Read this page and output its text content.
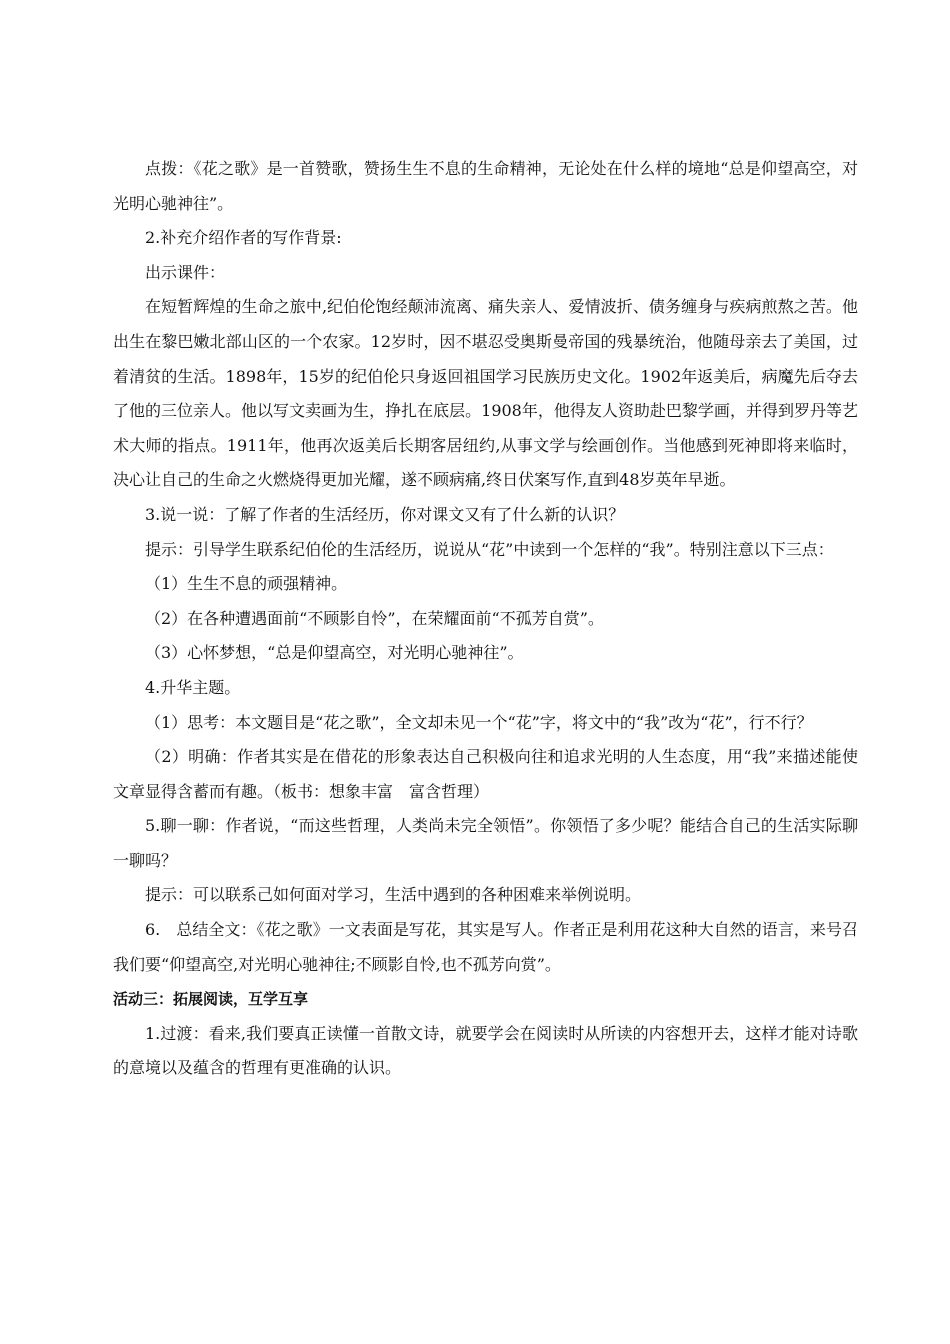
点拨：《花之歌》是一首赞歌，赞扬生生不息的生命精神，无论处在什么样的境地“总是仰望高空，对光明心驰神往”。

2.补充介绍作者的写作背景:

出示课件：

在短暂辉煌的生命之旅中,纪伯伦饱经颠沛流离、痛失亲人、爱情波折、债务缠身与疾病煎熬之苦。他出生在黎巴嫩北部山区的一个农家。12岁时，因不堪忍受奥斯曼帝国的残暴统治，他随母亲去了美国，过着清贫的生活。1898年，15岁的纪伯伦只身返回祖国学习民族历史文化。1902年返美后，病魔先后夺去了他的三位亲人。他以写文卖画为生，挣扎在底层。1908年，他得友人资助赴巴黎学画，并得到罗丹等艺术大师的指点。1911年，他再次返美后长期客居纽约,从事文学与绘画创作。当他感到死神即将来临时， 决心让自己的生命之火燃烧得更加光耀，遂不顾病痛,终日伏案写作,直到48岁英年早逝。

3.说一说：了解了作者的生活经历，你对课文又有了什么新的认识？

提示：引导学生联系纪伯伦的生活经历，说说从“花”中读到一个怎样的“我”。特别注意以下三点：

（1）生生不息的顽强精神。

（2）在各种遭遇面前“不顾影自怜”，在荣耀面前“不孤芳自赏”。

（3）心怀梦想，“总是仰望高空，对光明心驰神往”。

4.升华主题。

（1）思考：本文题目是“花之歌”，全文却未见一个“花”字，将文中的“我”改为“花”，行不行？

（2）明确：作者其实是在借花的形象表达自己积极向往和追求光明的人生态度，用“我”来描述能使文章显得含蓄而有趣。（板书：想象丰富　富含哲理）

5.聊一聊：作者说，“而这些哲理，人类尚未完全领悟”。你领悟了多少呢？能结合自己的生活实际聊一聊吗？

提示：可以联系己如何面对学习，生活中遇到的各种困难来举例说明。

6.　总结全文：《花之歌》一文表面是写花，其实是写人。作者正是利用花这种大自然的语言，来号召我们要“仰望高空,对光明心驰神往;不顾影自怜,也不孤芳向赏”。

活动三：拓展阅读，互学互享

1.过渡：看来,我们要真正读懂一首散文诗，就要学会在阅读时从所读的内容想开去，这样才能对诗歌的意境以及蕴含的哲理有更准确的认识。
